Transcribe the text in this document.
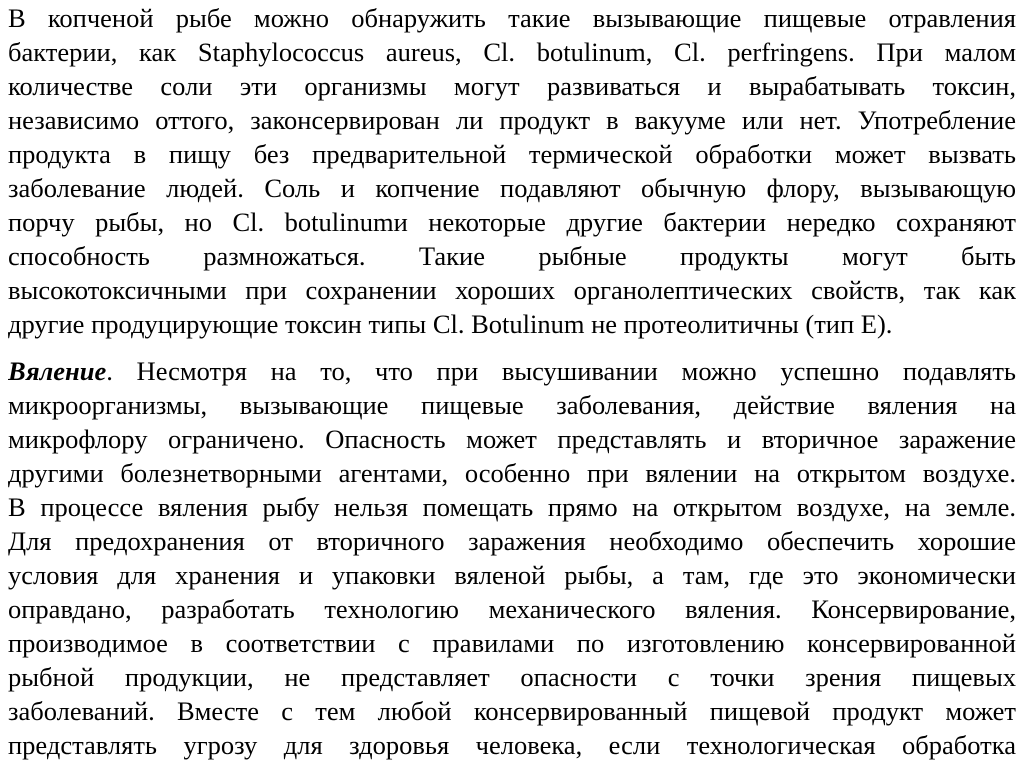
В копченой рыбе можно обнаружить такие вызывающие пищевые отравления
бактерии, как Staphylococcus aureus, Cl. botulinum, Cl. perfringens. При малом
количестве соли эти организмы могут развиваться и вырабатывать токсин,
независимо оттого, законсервирован ли продукт в вакууме или нет. Употребление
продукта в пищу без предварительной термической обработки может вызвать
заболевание людей. Соль и копчение подавляют обычную флору, вызывающую
порчу рыбы, но Cl. botulinumи некоторые другие бактерии нередко сохраняют
способность размножаться. Такие рыбные продукты могут быть
высокотоксичными при сохранении хороших органолептических свойств, так как
другие продуцирующие токсин типы Cl. Botulinum не протеолитичны (тип Е).
Вяление. Несмотря на то, что при высушивании можно успешно подавлять
микроорганизмы, вызывающие пищевые заболевания, действие вяления на
микрофлору ограничено. Опасность может представлять и вторичное заражение
другими болезнетворными агентами, особенно при вялении на открытом воздухе.
В процессе вяления рыбу нельзя помещать прямо на открытом воздухе, на земле.
Для предохранения от вторичного заражения необходимо обеспечить хорошие
условия для хранения и упаковки вяленой рыбы, а там, где это экономически
оправдано, разработать технологию механического вяления. Консервирование,
производимое в соответствии с правилами по изготовлению консервированной
рыбной продукции, не представляет опасности с точки зрения пищевых
заболеваний. Вместе с тем любой консервированный пищевой продукт может
представлять угрозу для здоровья человека, если технологическая обработка
